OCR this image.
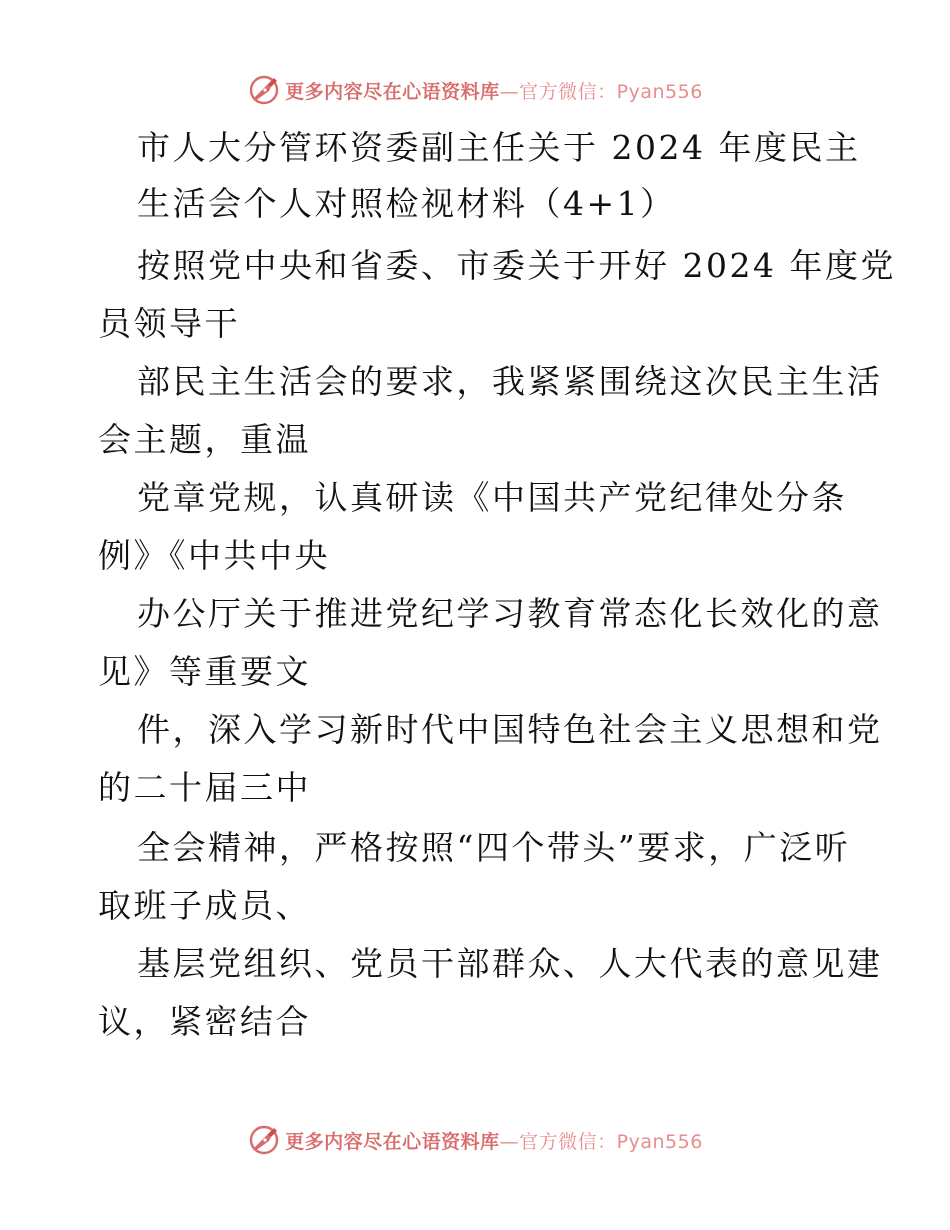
更多内容尽在心语资料库—官方微信：Pyan556
市人大分管环资委副主任关于 2024 年度民主
生活会个人对照检视材料（4+1）
按照党中央和省委、市委关于开好 2024 年度党
员领导干
部民主生活会的要求，我紧紧围绕这次民主生活
会主题，重温
党章党规，认真研读《中国共产党纪律处分条
例》《中共中央
办公厅关于推进党纪学习教育常态化长效化的意
见》等重要文
件，深入学习新时代中国特色社会主义思想和党
的二十届三中
全会精神，严格按照“四个带头”要求，广泛听
取班子成员、
基层党组织、党员干部群众、人大代表的意见建
议，紧密结合
更多内容尽在心语资料库—官方微信：Pyan556
